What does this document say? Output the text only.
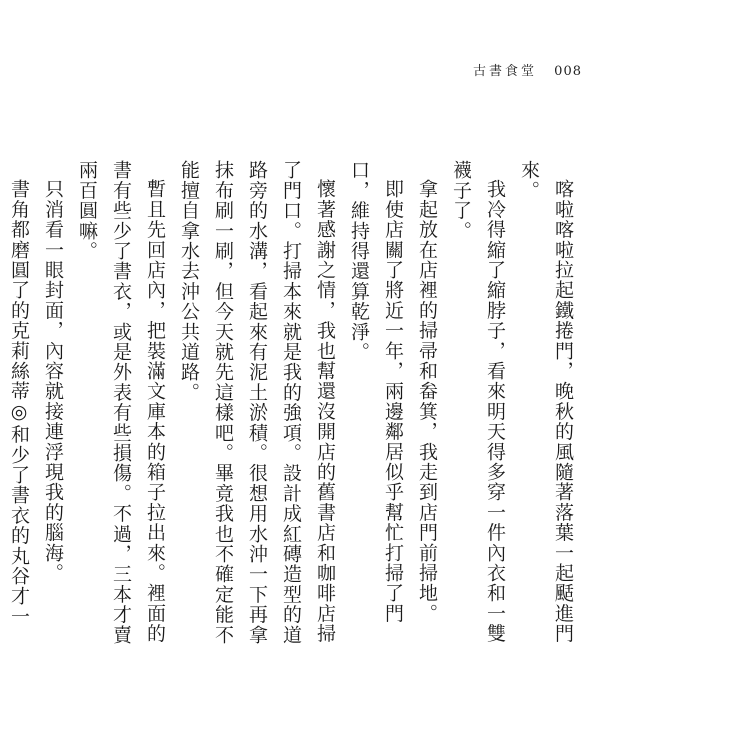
古書食堂 008

喀啦喀啦拉起鐵捲門，晚秋的風隨著落葉一起颳進門來。

我冷得縮了縮脖子，看來明天得多穿一件內衣和一雙襪子了。

拿起放在店裡的掃帚和畚箕，我走到店門前掃地。

即使店關了將近一年，兩邊鄰居似乎幫忙打掃了門口，維持得還算乾淨。

懷著感謝之情，我也幫還沒開店的舊書店和咖啡店掃了門口。打掃本來就是我的強項。設計成紅磚造型的道路旁的水溝，看起來有泥土淤積。很想用水沖一下再拿抹布刷一刷，但今天就先這樣吧。畢竟我也不確定能不能擅自拿水去沖公共道路。

暫且先回店內，把裝滿文庫本的箱子拉出來。裡面的書有些少了書衣，或是外表有些損傷。不過，三本才賣兩百圓嘛。

只消看一眼封面，內容就接連浮現我的腦海。

書角都磨圓了的克莉絲蒂◎和少了書衣的丸谷才一
